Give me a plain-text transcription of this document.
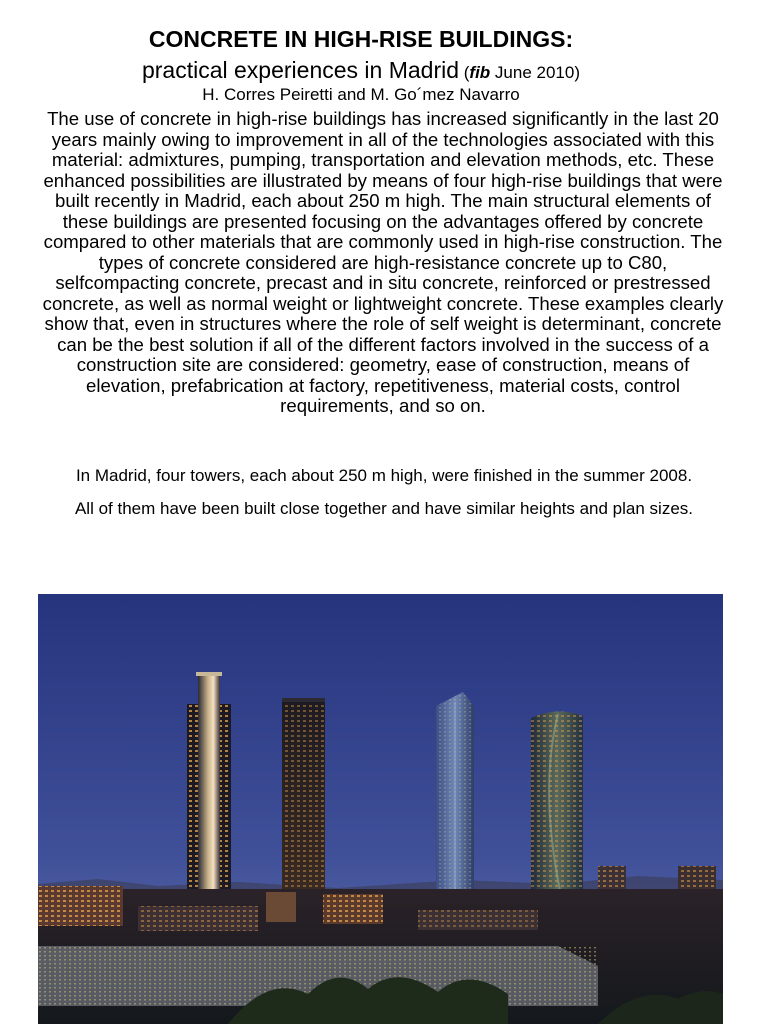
CONCRETE IN HIGH-RISE BUILDINGS:
practical experiences in Madrid (fib June 2010)
H. Corres Peiretti and M. Go´mez Navarro

The use of concrete in high-rise buildings has increased significantly in the last 20 years mainly owing to improvement in all of the technologies associated with this material: admixtures, pumping, transportation and elevation methods, etc. These enhanced possibilities are illustrated by means of four high-rise buildings that were built recently in Madrid, each about 250 m high. The main structural elements of these buildings are presented focusing on the advantages offered by concrete compared to other materials that are commonly used in high-rise construction. The types of concrete considered are high-resistance concrete up to C80, selfcompacting concrete, precast and in situ concrete, reinforced or prestressed concrete, as well as normal weight or lightweight concrete. These examples clearly show that, even in structures where the role of self weight is determinant, concrete can be the best solution if all of the different factors involved in the success of a construction site are considered: geometry, ease of construction, means of elevation, prefabrication at factory, repetitiveness, material costs, control requirements, and so on.

In Madrid, four towers, each about 250 m high, were finished in the summer 2008.

All of them have been built close together and have similar heights and plan sizes.
